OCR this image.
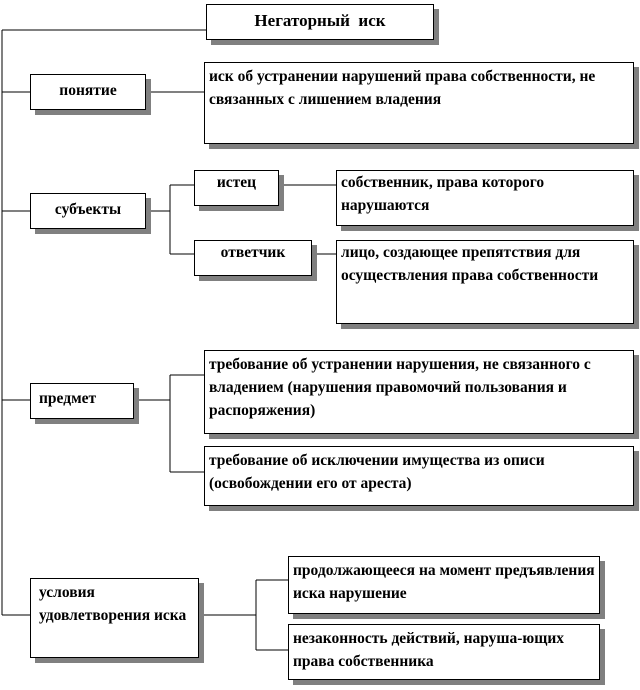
Негаторный  иск
понятие
иск об устранении нарушений права собственности, не связанных с лишением владения
субъекты
истец	собственник, права которого нарушаются
ответчик	лицо, создающее препятствия для осуществления права собственности
предмет
требование об устранении нарушения, не связанного с владением (нарушения правомочий пользования и распоряжения)
требование об исключении имущества из описи (освобождении его от ареста)
условия удовлетворения иска
продолжающееся на момент предъявления иска нарушение
незаконность действий, наруша-ющих права собственника
